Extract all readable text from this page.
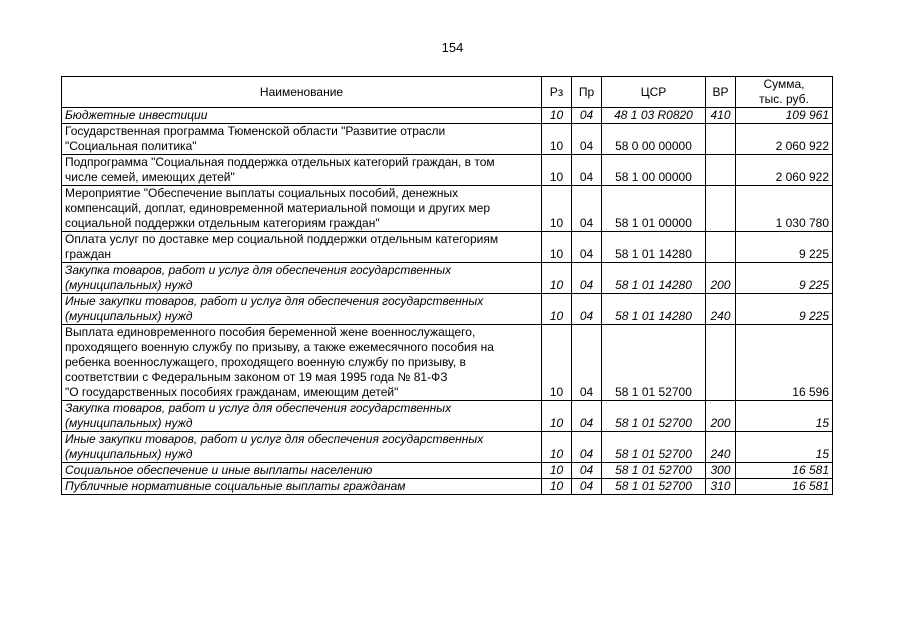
154
Наименование	Рз	Пр	ЦСР	ВР	Сумма,
тыс. руб.

Бюджетные инвестиции	10	04	48 1 03 R0820	410	109 961

Государственная программа Тюменской области "Развитие отрасли
"Социальная политика"	10	04	58 0 00 00000		2 060 922

Подпрограмма "Социальная поддержка отдельных категорий граждан, в том
числе семей, имеющих детей"	10	04	58 1 00 00000		2 060 922

Мероприятие "Обеспечение выплаты социальных пособий, денежных
компенсаций, доплат, единовременной материальной помощи и других мер
социальной поддержки отдельным категориям граждан"	10	04	58 1 01 00000		1 030 780

Оплата услуг по доставке мер социальной поддержки отдельным категориям
граждан	10	04	58 1 01 14280		9 225

Закупка товаров, работ и услуг для обеспечения государственных
(муниципальных) нужд	10	04	58 1 01 14280	200	9 225

Иные закупки товаров, работ и услуг для обеспечения государственных
(муниципальных) нужд	10	04	58 1 01 14280	240	9 225

Выплата единовременного пособия беременной жене военнослужащего,
проходящего военную службу по призыву, а также ежемесячного пособия на
ребенка военнослужащего, проходящего военную службу по призыву, в
соответствии с Федеральным законом от 19 мая 1995 года № 81-ФЗ
"О государственных пособиях гражданам, имеющим детей"	10	04	58 1 01 52700		16 596

Закупка товаров, работ и услуг для обеспечения государственных
(муниципальных) нужд	10	04	58 1 01 52700	200	15

Иные закупки товаров, работ и услуг для обеспечения государственных
(муниципальных) нужд	10	04	58 1 01 52700	240	15

Социальное обеспечение и иные выплаты населению	10	04	58 1 01 52700	300	16 581

Публичные нормативные социальные выплаты гражданам	10	04	58 1 01 52700	310	16 581
